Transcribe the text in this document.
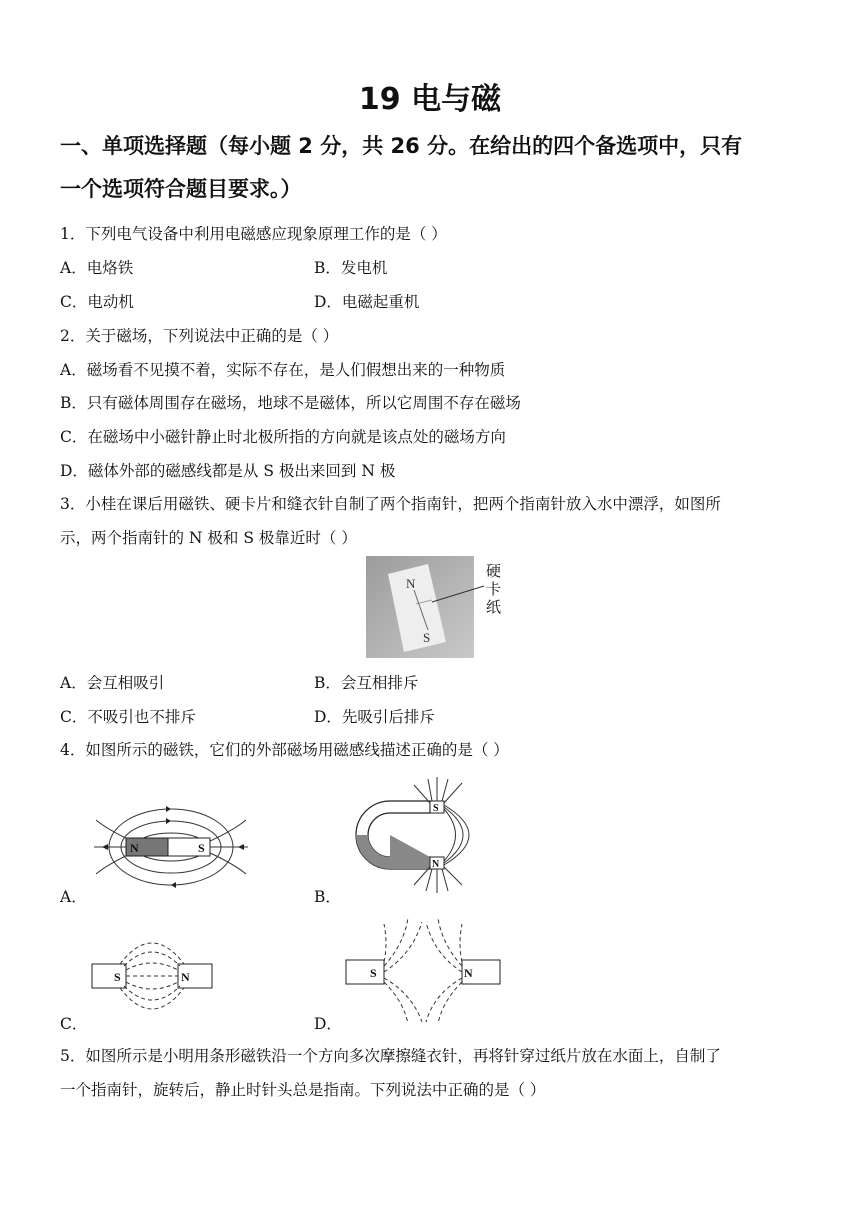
19 电与磁
一、单项选择题（每小题 2 分，共 26 分。在给出的四个备选项中，只有
一个选项符合题目要求。）
1．下列电气设备中利用电磁感应现象原理工作的是（ ）
A．电烙铁	B．发电机
C．电动机	D．电磁起重机
2．关于磁场，下列说法中正确的是（ ）
A．磁场看不见摸不着，实际不存在，是人们假想出来的一种物质
B．只有磁体周围存在磁场，地球不是磁体，所以它周围不存在磁场
C．在磁场中小磁针静止时北极所指的方向就是该点处的磁场方向
D．磁体外部的磁感线都是从 S 极出来回到 N 极
3．小桂在课后用磁铁、硬卡片和缝衣针自制了两个指南针，把两个指南针放入水中漂浮，如图所
示，两个指南针的 N 极和 S 极靠近时（ ）
N
S
硬
卡
纸
A．会互相吸引	B．会互相排斥
C．不吸引也不排斥	D．先吸引后排斥
4．如图所示的磁铁，它们的外部磁场用磁感线描述正确的是（ ）
N	S
A．
S
N
B．
S	N
C．
S	N
D．
5．如图所示是小明用条形磁铁沿一个方向多次摩擦缝衣针，再将针穿过纸片放在水面上，自制了
一个指南针，旋转后，静止时针头总是指南。下列说法中正确的是（ ）
